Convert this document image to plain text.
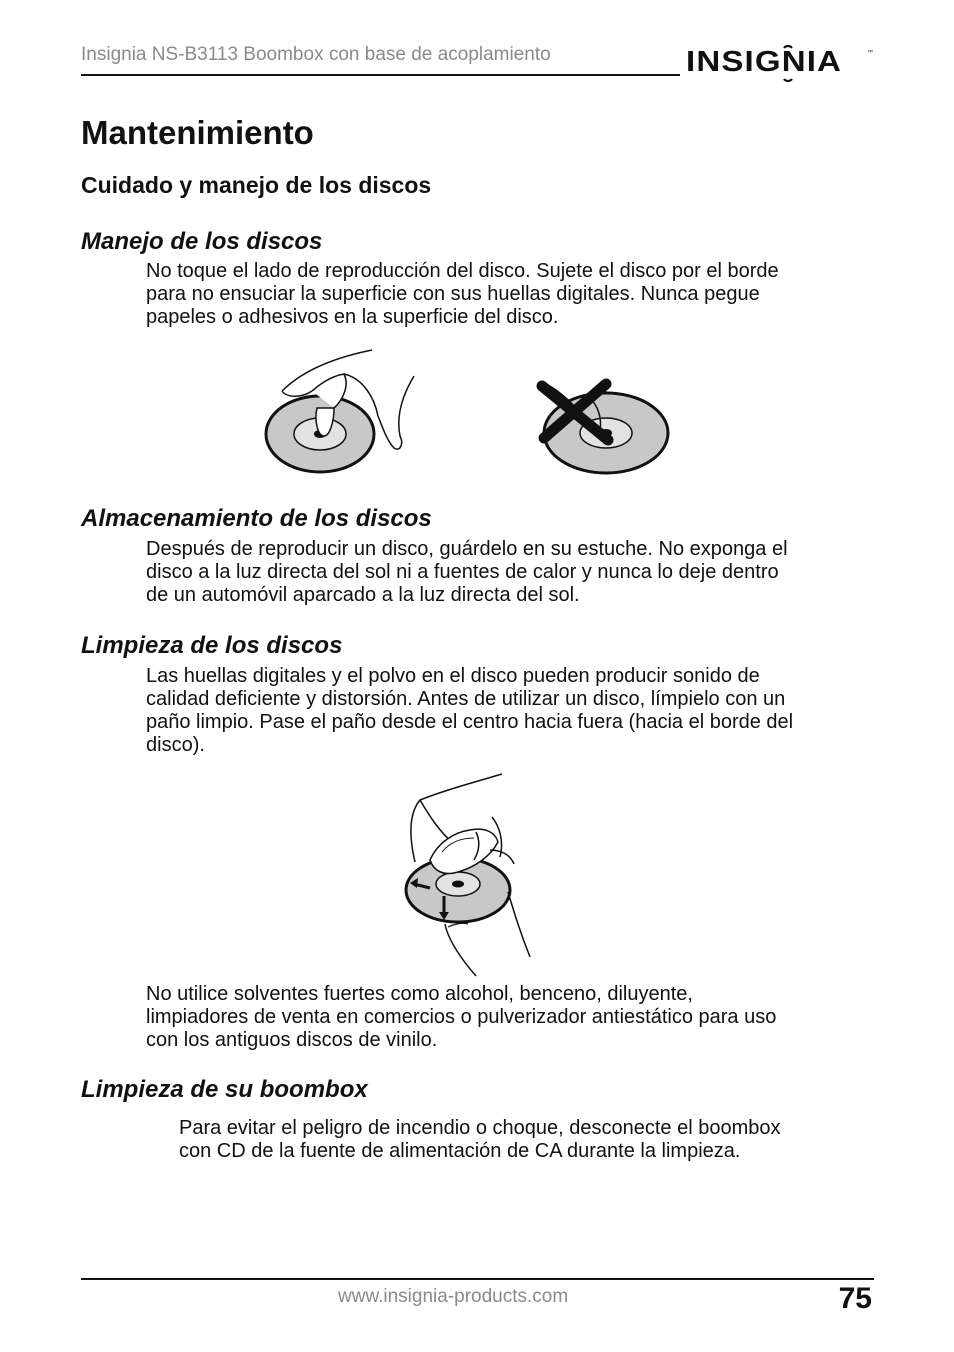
Insignia NS-B3113 Boombox con base de acoplamiento	INSIGNIA	™
Mantenimiento
Cuidado y manejo de los discos
Manejo de los discos
No toque el lado de reproducción del disco. Sujete el disco por el borde
para no ensuciar la superficie con sus huellas digitales. Nunca pegue
papeles o adhesivos en la superficie del disco.
Almacenamiento de los discos
Después de reproducir un disco, guárdelo en su estuche. No exponga el
disco a la luz directa del sol ni a fuentes de calor y nunca lo deje dentro
de un automóvil aparcado a la luz directa del sol.
Limpieza de los discos
Las huellas digitales y el polvo en el disco pueden producir sonido de
calidad deficiente y distorsión. Antes de utilizar un disco, límpielo con un
paño limpio. Pase el paño desde el centro hacia fuera (hacia el borde del
disco).
No utilice solventes fuertes como alcohol, benceno, diluyente,
limpiadores de venta en comercios o pulverizador antiestático para uso
con los antiguos discos de vinilo.
Limpieza de su boombox
Para evitar el peligro de incendio o choque, desconecte el boombox
con CD de la fuente de alimentación de CA durante la limpieza.
www.insignia-products.com	75
